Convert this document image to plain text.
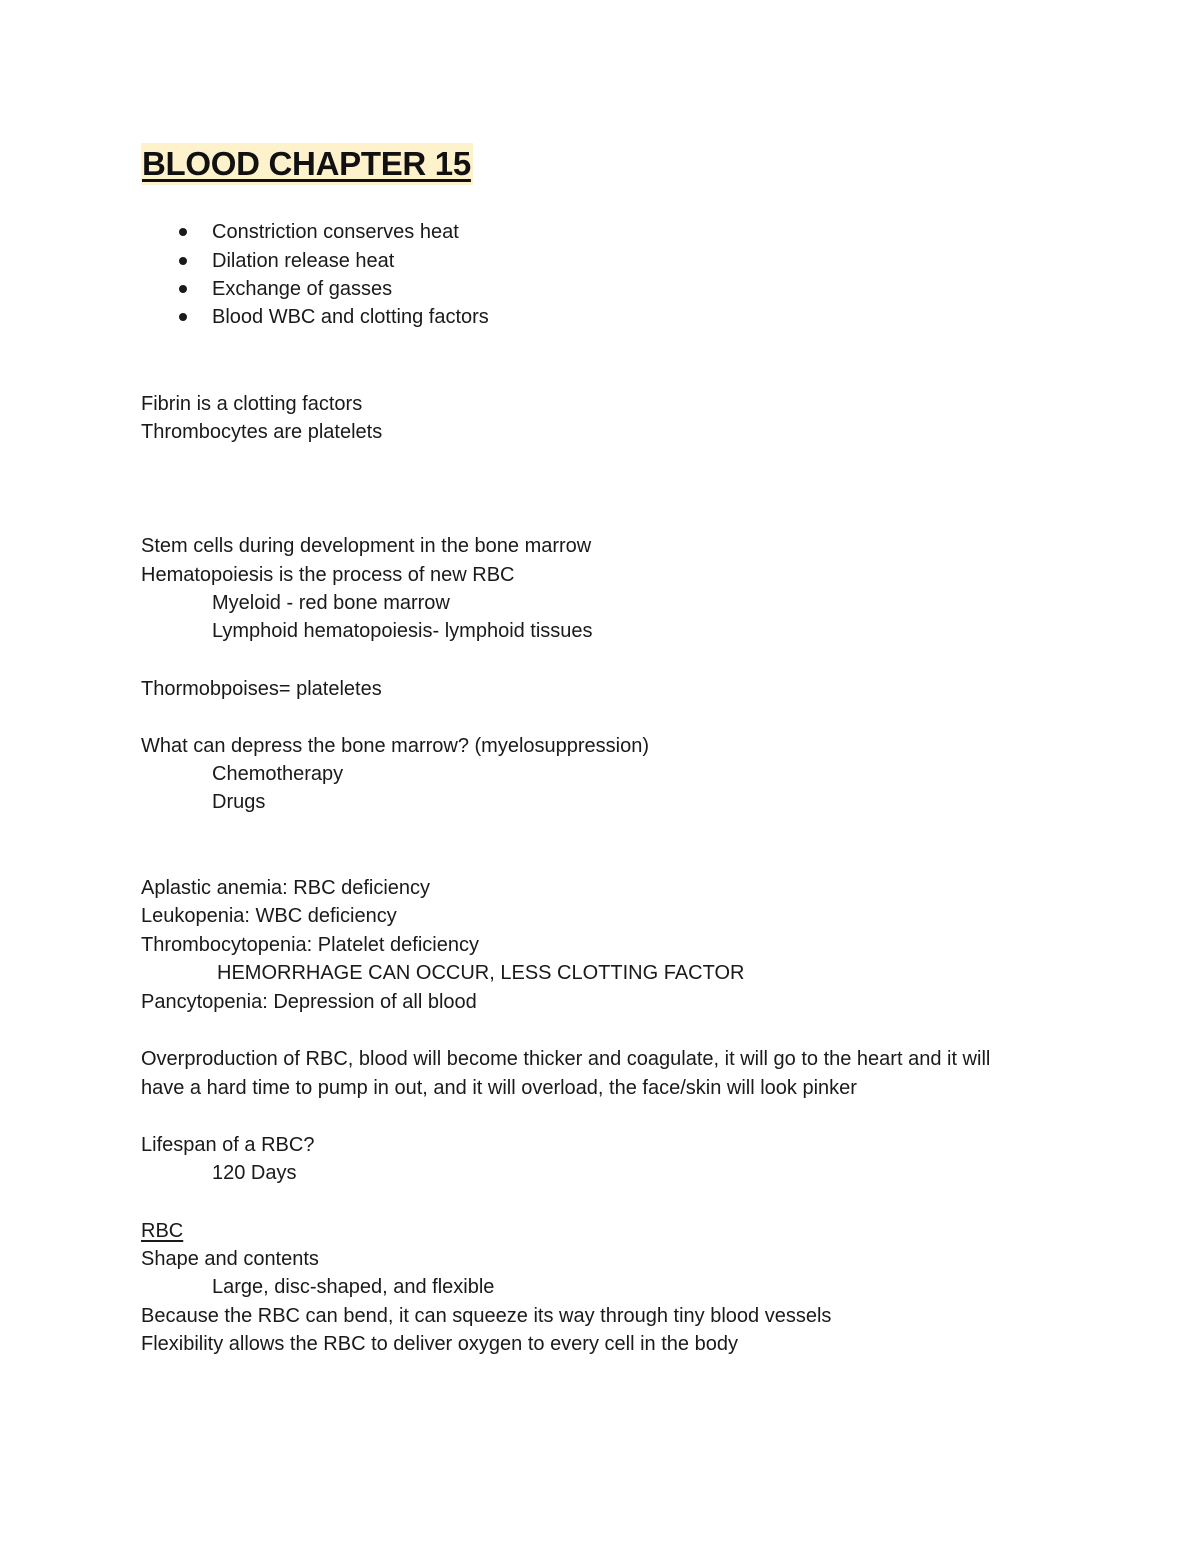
BLOOD CHAPTER 15
Constriction conserves heat
Dilation release heat
Exchange of gasses
Blood WBC and clotting factors
Fibrin is a clotting factors
Thrombocytes are platelets
Stem cells during development in the bone marrow
Hematopoiesis is the process of new RBC
Myeloid - red bone marrow
Lymphoid hematopoiesis- lymphoid tissues
Thormobpoises= plateletes
What can depress the bone marrow? (myelosuppression)
Chemotherapy
Drugs
Aplastic anemia: RBC deficiency
Leukopenia: WBC deficiency
Thrombocytopenia: Platelet deficiency
HEMORRHAGE CAN OCCUR, LESS CLOTTING FACTOR
Pancytopenia: Depression of all blood
Overproduction of RBC, blood will become thicker and coagulate, it will go to the heart and it will
have a hard time to pump in out, and it will overload, the face/skin will look pinker
Lifespan of a RBC?
120 Days
RBC
Shape and contents
Large, disc-shaped, and flexible
Because the RBC can bend, it can squeeze its way through tiny blood vessels
Flexibility allows the RBC to deliver oxygen to every cell in the body
